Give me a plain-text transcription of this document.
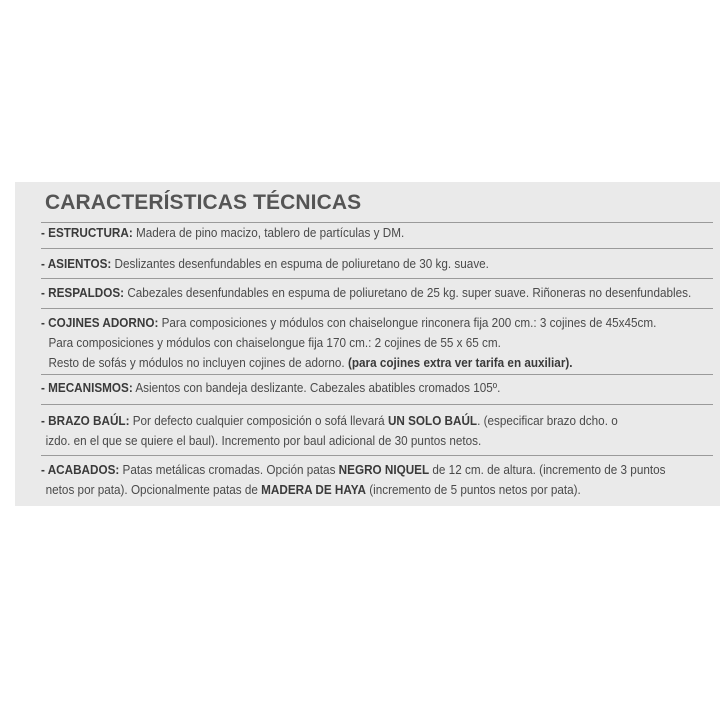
CARACTERÍSTICAS TÉCNICAS
- ESTRUCTURA: Madera de pino macizo, tablero de partículas y DM.
- ASIENTOS: Deslizantes desenfundables en espuma de poliuretano de 30 kg. suave.
- RESPALDOS: Cabezales desenfundables en espuma de poliuretano de 25 kg. super suave. Riñoneras no desenfundables.
- COJINES ADORNO: Para composiciones y módulos con chaiselongue rinconera fija 200 cm.: 3 cojines de 45x45cm.
Para composiciones y módulos con chaiselongue fija 170 cm.: 2 cojines de 55 x 65 cm.
Resto de sofás y módulos no incluyen cojines de adorno. (para cojines extra ver tarifa en auxiliar).
- MECANISMOS: Asientos con bandeja deslizante. Cabezales abatibles cromados 105º.
- BRAZO BAÚL: Por defecto cualquier composición o sofá llevará UN SOLO BAÚL. (especificar brazo dcho. o
izdo. en el que se quiere el baul). Incremento por baul adicional de 30 puntos netos.
- ACABADOS: Patas metálicas cromadas. Opción patas NEGRO NIQUEL de 12 cm. de altura. (incremento de 3 puntos
netos por pata). Opcionalmente patas de MADERA DE HAYA (incremento de 5 puntos netos por pata).
